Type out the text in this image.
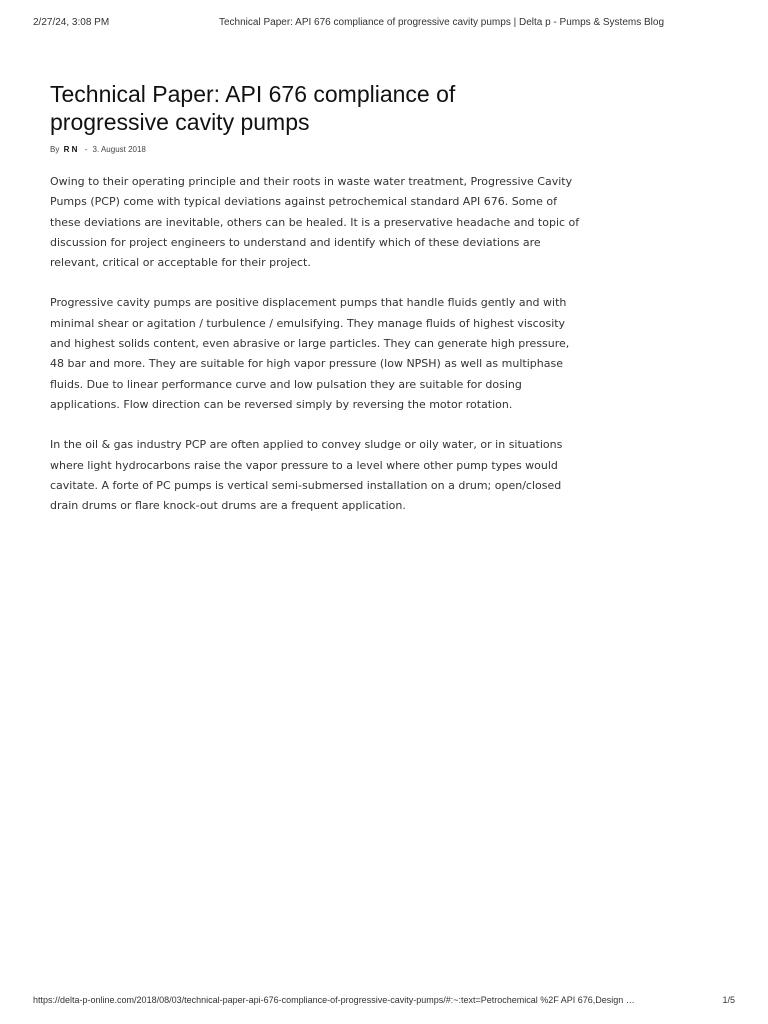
2/27/24, 3:08 PM	Technical Paper: API 676 compliance of progressive cavity pumps | Delta p - Pumps & Systems Blog
Technical Paper: API 676 compliance of progressive cavity pumps
By R N - 3. August 2018

Owing to their operating principle and their roots in waste water treatment, Progressive Cavity Pumps (PCP) come with typical deviations against petrochemical standard API 676. Some of these deviations are inevitable, others can be healed. It is a preservative headache and topic of discussion for project engineers to understand and identify which of these deviations are relevant, critical or acceptable for their project.

Progressive cavity pumps are positive displacement pumps that handle fluids gently and with minimal shear or agitation / turbulence / emulsifying. They manage fluids of highest viscosity and highest solids content, even abrasive or large particles. They can generate high pressure, 48 bar and more. They are suitable for high vapor pressure (low NPSH) as well as multiphase fluids. Due to linear performance curve and low pulsation they are suitable for dosing applications. Flow direction can be reversed simply by reversing the motor rotation.

In the oil & gas industry PCP are often applied to convey sludge or oily water, or in situations where light hydrocarbons raise the vapor pressure to a level where other pump types would cavitate. A forte of PC pumps is vertical semi-submersed installation on a drum; open/closed drain drums or flare knock-out drums are a frequent application.

https://delta-p-online.com/2018/08/03/technical-paper-api-676-compliance-of-progressive-cavity-pumps/#:~:text=Petrochemical %2F API 676,Design …	1/5
